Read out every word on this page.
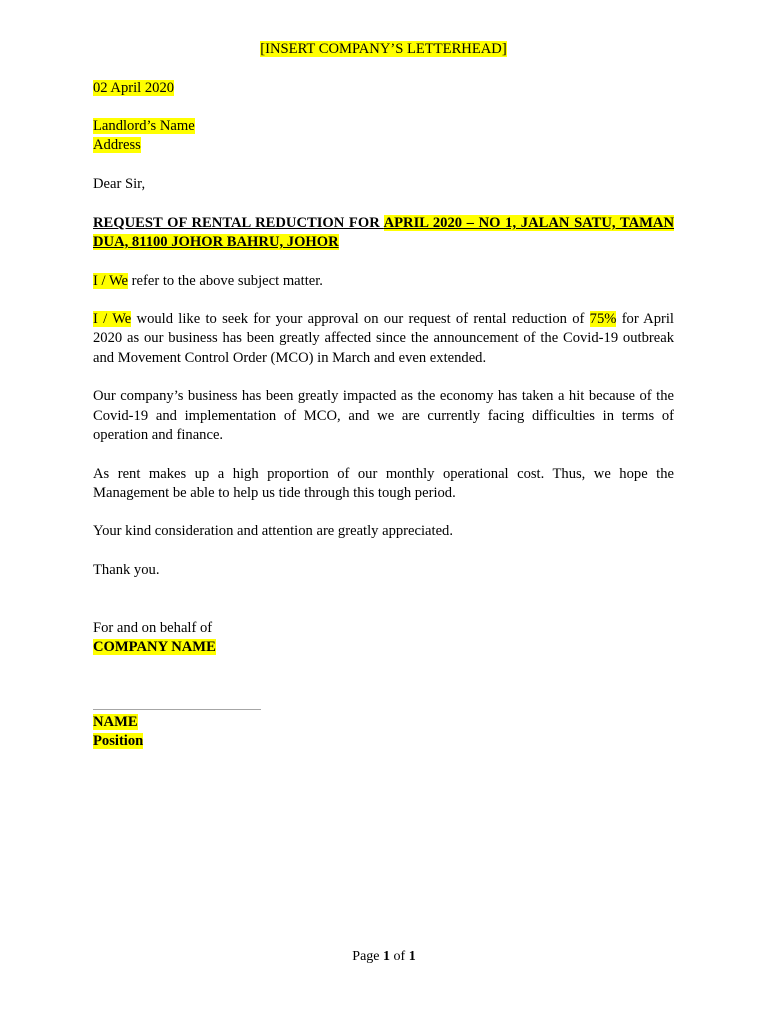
[INSERT COMPANY’S LETTERHEAD]

02 April 2020

Landlord’s Name

Address

Dear Sir,

REQUEST OF RENTAL REDUCTION FOR APRIL 2020 – NO 1, JALAN SATU, TAMAN DUA, 81100 JOHOR BAHRU, JOHOR

I / We refer to the above subject matter.

I / We would like to seek for your approval on our request of rental reduction of 75% for April 2020 as our business has been greatly affected since the announcement of the Covid-19 outbreak and Movement Control Order (MCO) in March and even extended.

Our company’s business has been greatly impacted as the economy has taken a hit because of the Covid-19 and implementation of MCO, and we are currently facing difficulties in terms of operation and finance.

As rent makes up a high proportion of our monthly operational cost. Thus, we hope the Management be able to help us tide through this tough period.

Your kind consideration and attention are greatly appreciated.

Thank you.

For and on behalf of

COMPANY NAME

NAME

Position

Page 1 of 1
